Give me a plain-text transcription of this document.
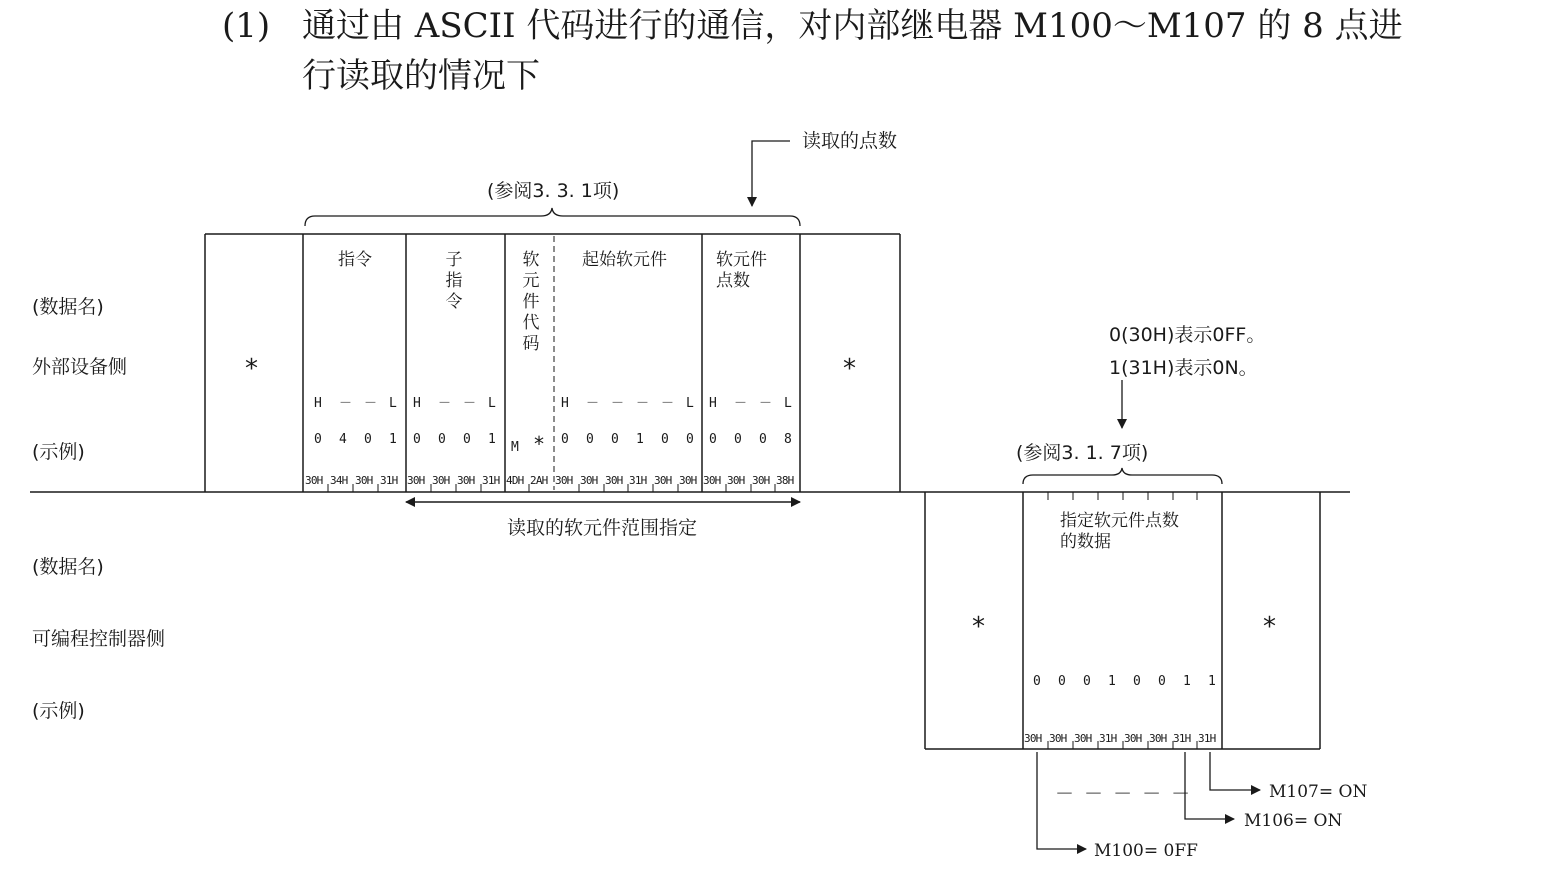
(1) 通过由 ASCII 代码进行的通信，对内部继电器 M100～M107 的 8 点进
行读取的情况下
(数据名)
外部设备侧
(示例)
(数据名)
可编程控制器侧
(示例)
读取的点数
(参阅3. 3. 1项)
*	*
指令	子指令
软元件代码
起始软元件	软元件点数
H － － L	H － － L	H － － － － L	H － － L
0 4 0 1	0 0 0 1
M * 0 0 0 1 0 0	0 0 0 8
30H 34H 30H 31H 30H 30H 30H 31H 4DH 2AH 30H 30H 30H 31H 30H 30H 30H 30H 30H 38H
读取的软元件范围指定
0(30H)表示0FF。
1(31H)表示0N。
(参阅3. 1. 7项)
*	*
指定软元件点数的数据
0 0 0 1 0 0 1 1
30H 30H 30H 31H 30H 30H 31H 31H
－ － － － －	M107= ON
M106= ON
M100= 0FF
